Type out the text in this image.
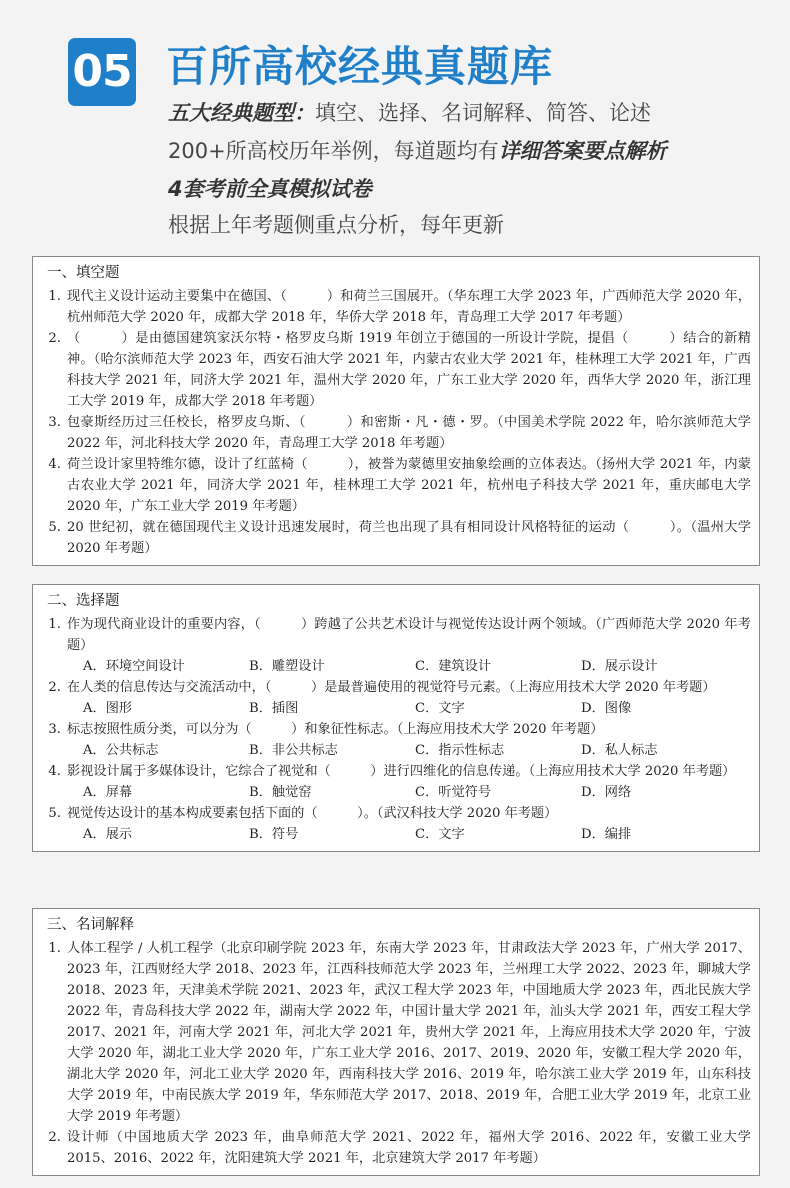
05 百所高校经典真题库
五大经典题型：填空、选择、名词解释、简答、论述
200+所高校历年举例，每道题均有详细答案要点解析
4套考前全真模拟试卷
根据上年考题侧重点分析，每年更新
一、填空题
1. 现代主义设计运动主要集中在德国、（　　　）和荷兰三国展开。（华东理工大学 2023 年，广西师范大学 2020 年，杭州师范大学 2020 年，成都大学 2018 年，华侨大学 2018 年，青岛理工大学 2017 年考题）
2. （　　　）是由德国建筑家沃尔特・格罗皮乌斯 1919 年创立于德国的一所设计学院，提倡（　　　）结合的新精神。（哈尔滨师范大学 2023 年，西安石油大学 2021 年，内蒙古农业大学 2021 年，桂林理工大学 2021 年，广西科技大学 2021 年，同济大学 2021 年，温州大学 2020 年，广东工业大学 2020 年，西华大学 2020 年，浙江理工大学 2019 年，成都大学 2018 年考题）
3. 包豪斯经历过三任校长，格罗皮乌斯、（　　　）和密斯・凡・德・罗。（中国美术学院 2022 年，哈尔滨师范大学 2022 年，河北科技大学 2020 年，青岛理工大学 2018 年考题）
4. 荷兰设计家里特维尔德，设计了红蓝椅（　　　），被誉为蒙德里安抽象绘画的立体表达。（扬州大学 2021 年，内蒙古农业大学 2021 年，同济大学 2021 年，桂林理工大学 2021 年，杭州电子科技大学 2021 年，重庆邮电大学 2020 年，广东工业大学 2019 年考题）
5. 20 世纪初，就在德国现代主义设计迅速发展时，荷兰也出现了具有相同设计风格特征的运动（　　　）。（温州大学 2020 年考题）
二、选择题
1. 作为现代商业设计的重要内容，（　　　）跨越了公共艺术设计与视觉传达设计两个领域。（广西师范大学 2020 年考题）
A．环境空间设计	B．雕塑设计	C．建筑设计	D．展示设计
2. 在人类的信息传达与交流活动中，（　　　）是最普遍使用的视觉符号元素。（上海应用技术大学 2020 年考题）
A．图形	B．插图	C．文字	D．图像
3. 标志按照性质分类，可以分为（　　　）和象征性标志。（上海应用技术大学 2020 年考题）
A．公共标志	B．非公共标志	C．指示性标志	D．私人标志
4. 影视设计属于多媒体设计，它综合了视觉和（　　　）进行四维化的信息传递。（上海应用技术大学 2020 年考题）
A．屏幕	B．触觉窑	C．听觉符号	D．网络
5. 视觉传达设计的基本构成要素包括下面的（　　　）。（武汉科技大学 2020 年考题）
A．展示	B．符号	C．文字	D．编排
三、名词解释
1. 人体工程学 / 人机工程学（北京印刷学院 2023 年，东南大学 2023 年，甘肃政法大学 2023 年，广州大学 2017、2023 年，江西财经大学 2018、2023 年，江西科技师范大学 2023 年，兰州理工大学 2022、2023 年，聊城大学 2018、2023 年，天津美术学院 2021、2023 年，武汉工程大学 2023 年，中国地质大学 2023 年，西北民族大学 2022 年，青岛科技大学 2022 年，湖南大学 2022 年，中国计量大学 2021 年，汕头大学 2021 年，西安工程大学 2017、2021 年，河南大学 2021 年，河北大学 2021 年，贵州大学 2021 年，上海应用技术大学 2020 年，宁波大学 2020 年，湖北工业大学 2020 年，广东工业大学 2016、2017、2019、2020 年，安徽工程大学 2020 年，湖北大学 2020 年，河北工业大学 2020 年，西南科技大学 2016、2019 年，哈尔滨工业大学 2019 年，山东科技大学 2019 年，中南民族大学 2019 年，华东师范大学 2017、2018、2019 年，合肥工业大学 2019 年，北京工业大学 2019 年考题）
2. 设计师（中国地质大学 2023 年，曲阜师范大学 2021、2022 年，福州大学 2016、2022 年，安徽工业大学 2015、2016、2022 年，沈阳建筑大学 2021 年，北京建筑大学 2017 年考题）
